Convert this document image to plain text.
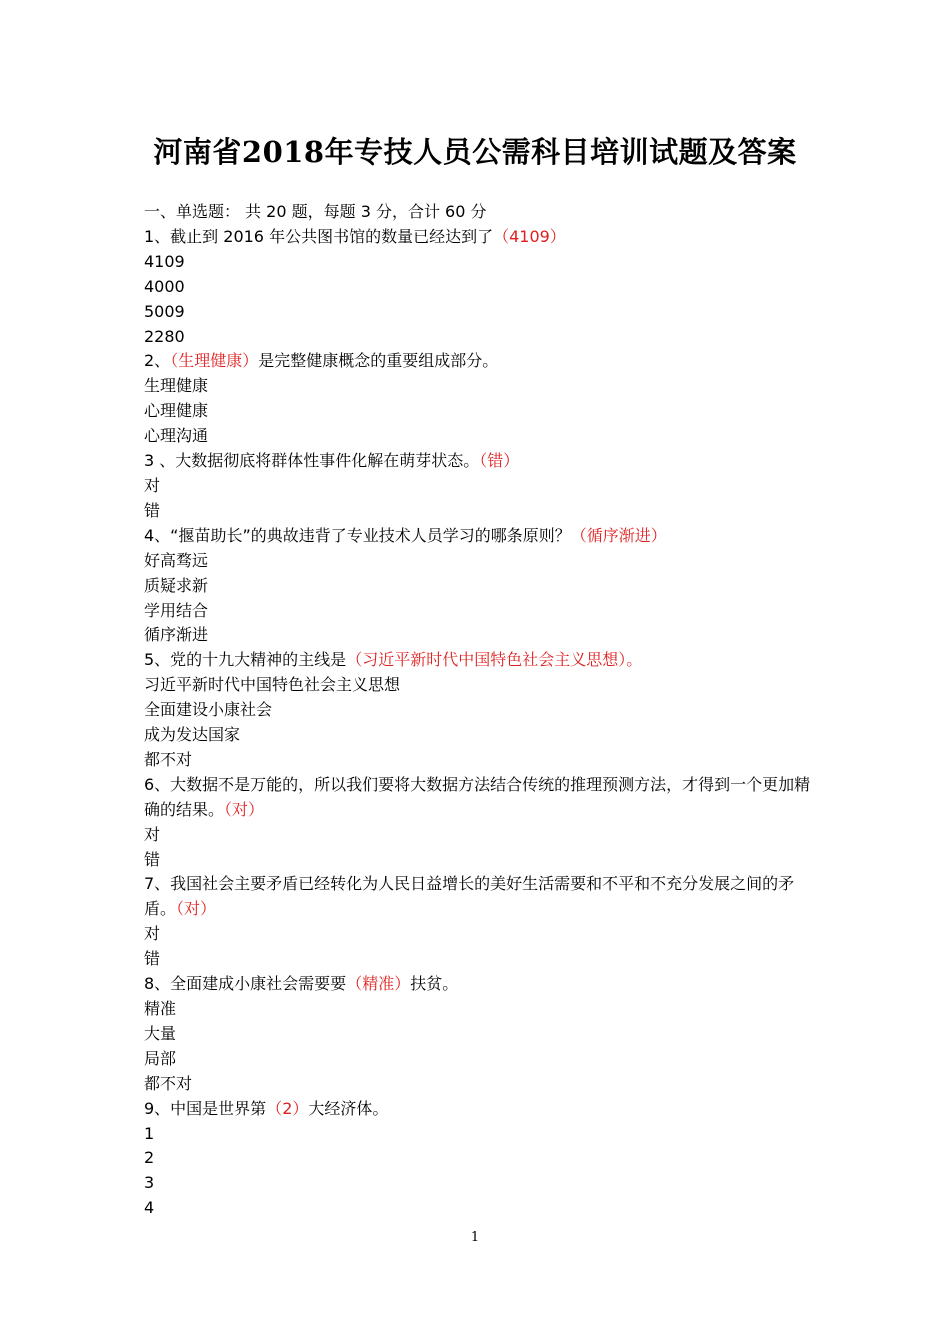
河南省2018年专技人员公需科目培训试题及答案
一、单选题： 共 20 题，每题 3 分，合计 60 分
1、截止到 2016 年公共图书馆的数量已经达到了（4109）
4109
4000
5009
2280
2、（生理健康）是完整健康概念的重要组成部分。
生理健康
心理健康
心理沟通
3 、大数据彻底将群体性事件化解在萌芽状态。（错）
对
错
4、“揠苗助长”的典故违背了专业技术人员学习的哪条原则？（循序渐进）
好高骛远
质疑求新
学用结合
循序渐进
5、党的十九大精神的主线是（习近平新时代中国特色社会主义思想）。
习近平新时代中国特色社会主义思想
全面建设小康社会
成为发达国家
都不对
6、大数据不是万能的，所以我们要将大数据方法结合传统的推理预测方法，才得到一个更加精确的结果。（对）
对
错
7、我国社会主要矛盾已经转化为人民日益增长的美好生活需要和不平和不充分发展之间的矛盾。（对）
对
错
8、全面建成小康社会需要要（精准）扶贫。
精准
大量
局部
都不对
9、中国是世界第（2）大经济体。
1
2
3
4
1
